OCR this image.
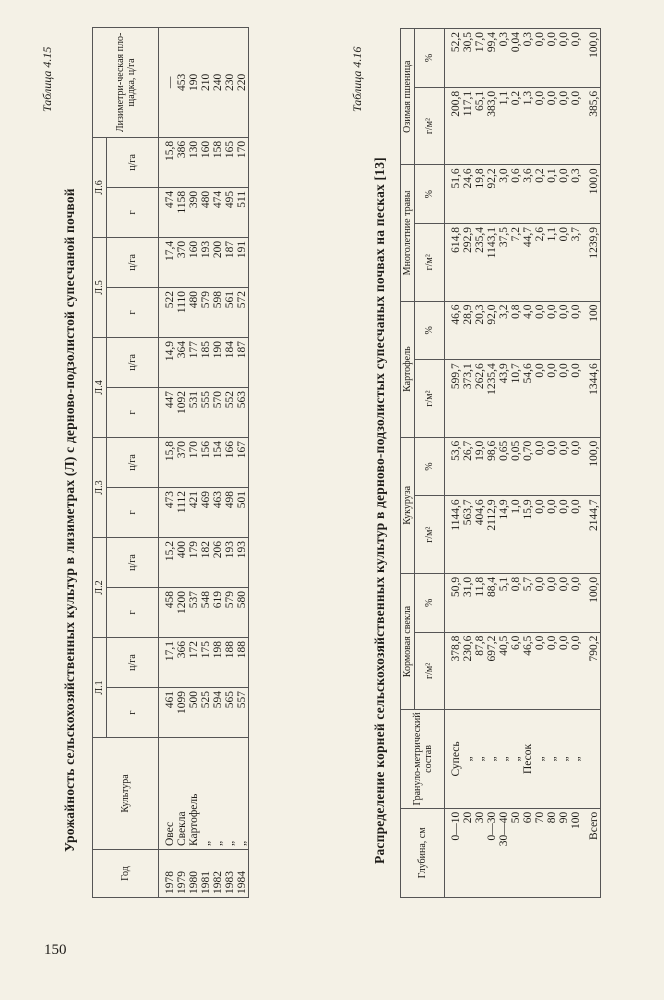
150
Таблица 4.15
Урожайность сельскохозяйственных культур в лизиметрах (Л) с дерново-подзолистой супесчаной почвой
Год	Культура	Л.1		Л.2		Л.3		Л.4		Л.5		Л.6		Лизиметри-ческая пло-щадка, ц/га
		г	ц/га	г	ц/га	г	ц/га	г	ц/га	г	ц/га	г	ц/га	
1978	Овес	461	17,1	458	15,2	473	15,8	447	14,9	522	17,4	474	15,8	—
1979	Свекла	1099	366	1200	400	1112	370	1092	364	1110	370	1158	386	453
1980	Картофель	500	172	537	179	421	170	531	177	480	160	390	130	190
1981	„	525	175	548	182	469	156	555	185	579	193	480	160	210
1982	„	594	198	619	206	463	154	570	190	598	200	474	158	240
1983	„	565	188	579	193	498	166	552	184	561	187	495	165	230
1984	„	557	188	580	193	501	167	563	187	572	191	511	170	220	Таблица 4.16
Распределение корней сельскохозяйственных культур в дерново-подзолистых супесчаных почвах на песках [13]	Глубина, см	Грануло-метрический состав	Кормовая свекла		Кукуруза		Картофель		Многолетние травы		Озимая пшеница	
		г/м²	%	г/м²	%	г/м²	%	г/м²	%	г/м²	%
0—10	Супесь	378,8	50,9	1144,6	53,6	599,7	46,6	614,8	51,6	200,8	52,2
20	„	230,6	31,0	563,7	26,7	373,1	28,9	292,9	24,6	117,1	30,5
30	„	87,8	11,8	404,6	19,0	262,6	20,3	235,4	19,8	65,1	17,0
0—30	„	697,2	88,4	2112,9	98,6	1235,4	92,0	1143,1	92,2	383,0	99,4
30—40	„	40,5	5,1	14,9	0,65	43,9	3,2	37,5	3,0	1,1	0,3
50	„	6,0	0,8	1,0	0,05	10,7	0,8	7,2	0,6	0,2	0,04
60	Песок	46,5	5,7	15,9	0,70	54,6	4,0	44,7	3,6	1,3	0,3
70	„	0,0	0,0	0,0	0,0	0,0	0,0	2,6	0,2	0,0	0,0
80	„	0,0	0,0	0,0	0,0	0,0	0,0	1,1	0,1	0,0	0,0
90	„	0,0	0,0	0,0	0,0	0,0	0,0	0,0	0,0	0,0	0,0
100	„	0,0	0,0	0,0	0,0	0,0	0,0	3,7	0,3	0,0	0,0
Всего		790,2	100,0	2144,7	100,0	1344,6	100	1239,9	100,0	385,6	100,0
